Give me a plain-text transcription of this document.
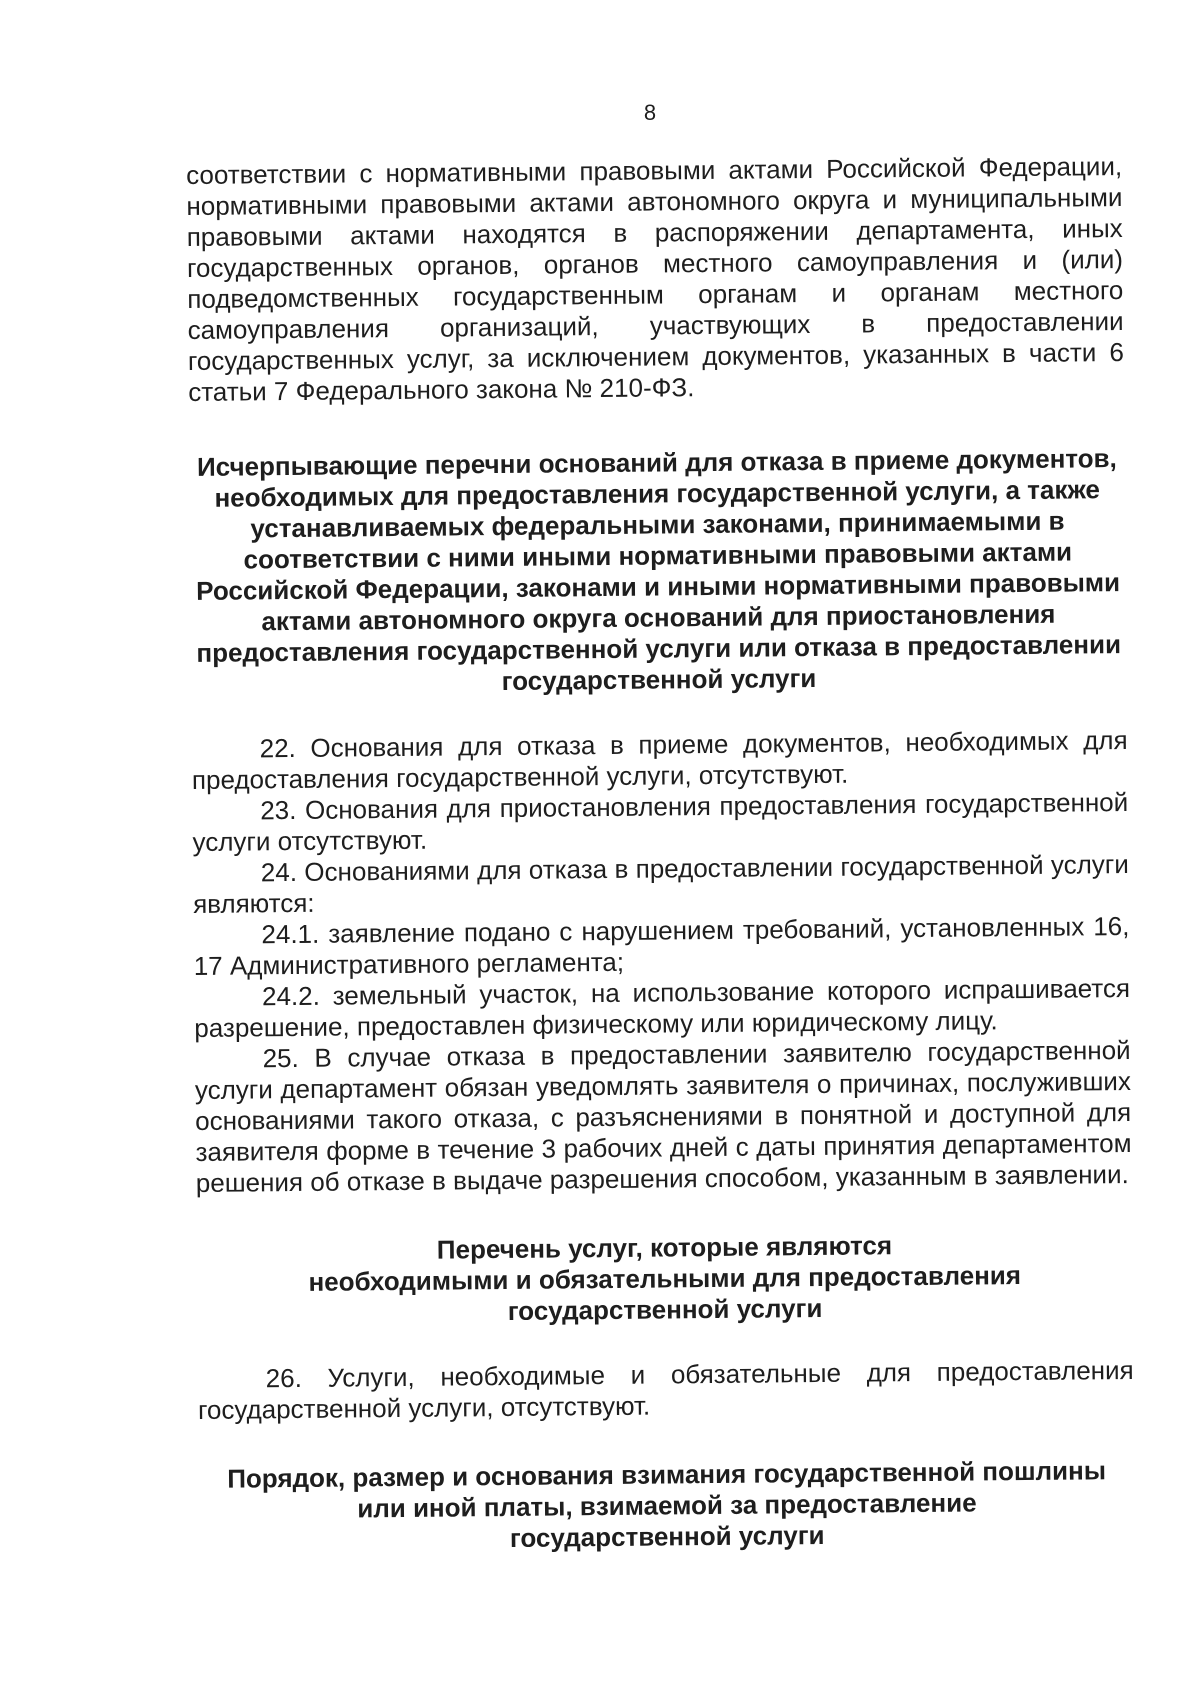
8

соответствии с нормативными правовыми актами Российской Федерации, нормативными правовыми актами автономного округа и муниципальными правовыми актами находятся в распоряжении департамента, иных государственных органов, органов местного самоуправления и (или) подведомственных государственным органам и органам местного самоуправления организаций, участвующих в предоставлении государственных услуг, за исключением документов, указанных в части 6 статьи 7 Федерального закона № 210-ФЗ.

Исчерпывающие перечни оснований для отказа в приеме документов, необходимых для предоставления государственной услуги, а также устанавливаемых федеральными законами, принимаемыми в соответствии с ними иными нормативными правовыми актами Российской Федерации, законами и иными нормативными правовыми актами автономного округа оснований для приостановления предоставления государственной услуги или отказа в предоставлении государственной услуги

22. Основания для отказа в приеме документов, необходимых для предоставления государственной услуги, отсутствуют.

23. Основания для приостановления предоставления государственной услуги отсутствуют.

24. Основаниями для отказа в предоставлении государственной услуги являются:

24.1. заявление подано с нарушением требований, установленных 16, 17 Административного регламента;

24.2. земельный участок, на использование которого испрашивается разрешение, предоставлен физическому или юридическому лицу.

25. В случае отказа в предоставлении заявителю государственной услуги департамент обязан уведомлять заявителя о причинах, послуживших основаниями такого отказа, с разъяснениями в понятной и доступной для заявителя форме в течение 3 рабочих дней с даты принятия департаментом решения об отказе в выдаче разрешения способом, указанным в заявлении.

Перечень услуг, которые являются
необходимыми и обязательными для предоставления
государственной услуги

26. Услуги, необходимые и обязательные для предоставления государственной услуги, отсутствуют.

Порядок, размер и основания взимания государственной пошлины
или иной платы, взимаемой за предоставление
государственной услуги
